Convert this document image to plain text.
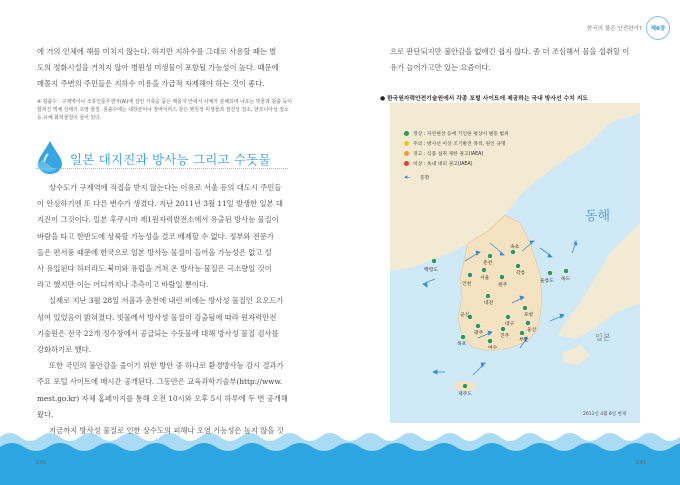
에 거의 인체에 해를 미치지 않는다. 하지만 지하수를 그대로 사용할 때는 별
도의 정화시설을 거치지 않아 병원성 미생물이 포함될 가능성이 높다. 때문에
매몰지 주변의 주민들은 지하수 이용을 가급적 자제해야 하는 것이 좋다.
※ 침출수 : 구제역이나 조류인플루엔자(AI)에 걸린 가축을 묻은 매몰지 안에서 사체가 분해되며 나오는 빗물과 침출 등이 합쳐진 액체 상태의 오염 물질. 침출수에는 대장균이나 장바이러스 같은 병원성 미생물과 질산성 질소, 암모니아성 질소 등 유해 화학물질이 들어 있다.
일본 대지진과 방사능 그리고 수돗물
상수도가 구제역에 직접을 받지 않는다는 이유로 서울 등의 대도시 주민들
이 안심하기엔 또 다른 변수가 생겼다. 지난 2011년 3월 11일 발생한 일본 대
지진이 그것이다. 일본 후쿠시마 제1원자력발전소에서 유출된 방사능 물질이
바람을 타고 한반도에 상륙할 가능성을 결코 배제할 수 없다. 정부와 전문가
들은 편서풍 때문에 한국으로 일본 방사능 물질이 들어올 가능성은 없고 설
사 유입된다 하더라도 북미와 유럽을 거쳐 온 방사능 물질은 극소량일 것이
라고 했지만 이는 어디까지나 추측이고 바람일 뿐이다.
실제로 지난 3월 28일 서울과 춘천에 내린 비에는 방사성 물질인 요오드가
섞여 있었음이 밝혀졌다. 빗물에서 방사성 물질이 검출됨에 따라 원자력안전
기술원은 전국 22개 정수장에서 공급되는 수돗물에 대해 방사성 물질 검사를
강화하기로 했다.
또한 국민의 불안감을 줄이기 위한 방안 중 하나로 환경방사능 감시 결과가
주요 포털 사이트에 매시간 공개된다. 그동안은 교육과학기술부(http://www.
mest.go.kr) 자체 홈페이지를 통해 오전 10시와 오후 5시 하루에 두 번 공개해
왔다.
지금까지 방사성 물질로 인한 상수도의 피해나 오염 가능성은 높지 않을 것
190
한국의 물은 안전한가?	제6장
으로 판단되지만 불안감을 없애긴 쉽지 않다. 좀 더 조심해서 물을 섭취할 이
유가 늘어가고만 있는 요즘이다.
● 한국원자력안전기술원에서 각종 포털 사이트에 제공하는 국내 방사선 수치 지도
정상 : 자연현상 등에 기인한 평상시 변동 범위
주의 : 방사선 이상 조기발견 목적, 원인 규명
경고 : 식품 섭취 제한 권고(IAEA)
비상 : 옥내 대피 권고(IAEA)
◂–	풍향
백령도
춘천
속초
강릉
울릉도 독도
인천
서울
원주
대전
포항
군산
대구
울산
광주
진주
부산
목포
여수
제주도
동해
일본
2011년 4월 6일 현재
191
